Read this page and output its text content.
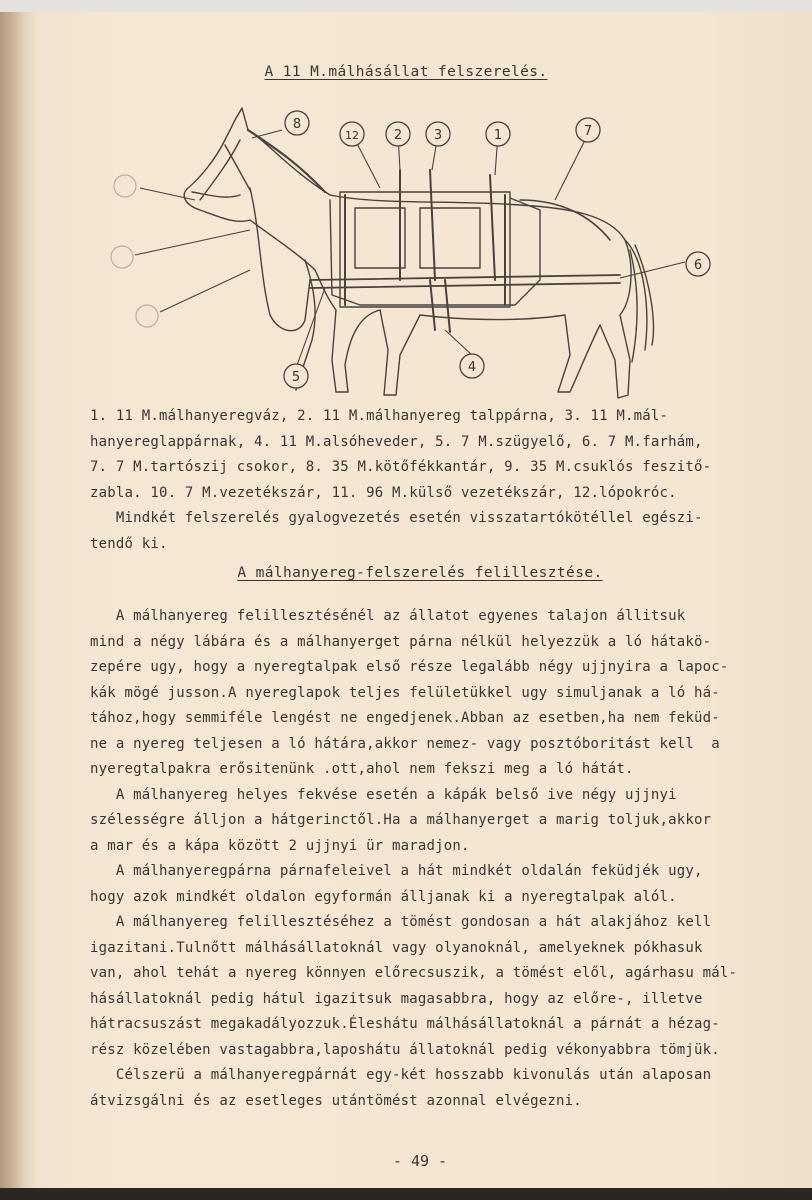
A 11 M.málhásállat felszerelés.
8
12	2 3	1	7
6
5
4
1. 11 M.málhanyeregváz, 2. 11 M.málhanyereg talppárna, 3. 11 M.mál-
hanyereglappárnak, 4. 11 M.alsóheveder, 5. 7 M.szügyelő, 6. 7 M.farhám,
7. 7 M.tartószij csokor, 8. 35 M.kötőfékkantár, 9. 35 M.csuklós feszitő-
zabla. 10. 7 M.vezetékszár, 11. 96 M.külső vezetékszár, 12.lópokróc.
Mindkét felszerelés gyalogvezetés esetén visszatartókötéllel egészi-
tendő ki.
A málhanyereg-felszerelés felillesztése.
A málhanyereg felillesztésénél az állatot egyenes talajon állitsuk
mind a négy lábára és a málhanyerget párna nélkül helyezzük a ló hátakö-
zepére ugy, hogy a nyeregtalpak első része legalább négy ujjnyira a lapoc-
kák mögé jusson.A nyereglapok teljes felületükkel ugy simuljanak a ló há-
tához,hogy semmiféle lengést ne engedjenek.Abban az esetben,ha nem feküd-
ne a nyereg teljesen a ló hátára,akkor nemez- vagy posztóboritást kell  a
nyeregtalpakra erősitenünk .ott,ahol nem fekszi meg a ló hátát.
A málhanyereg helyes fekvése esetén a kápák belső ive négy ujjnyi
szélességre álljon a hátgerinctől.Ha a málhanyerget a marig toljuk,akkor
a mar és a kápa között 2 ujjnyi ür maradjon.
A málhanyeregpárna párnafeleivel a hát mindkét oldalán feküdjék ugy,
hogy azok mindkét oldalon egyformán álljanak ki a nyeregtalpak alól.
A málhanyereg felillesztéséhez a tömést gondosan a hát alakjához kell
igazitani.Tulnőtt málhásállatoknál vagy olyanoknál, amelyeknek pókhasuk
van, ahol tehát a nyereg könnyen előrecsuszik, a tömést elől, agárhasu mál-
hásállatoknál pedig hátul igazitsuk magasabbra, hogy az előre-, illetve
hátracsuszást megakadályozzuk.Éleshátu málhásállatoknál a párnát a hézag-
rész közelében vastagabbra,laposhátu állatoknál pedig vékonyabbra tömjük.
Célszerü a málhanyeregpárnát egy-két hosszabb kivonulás után alaposan
átvizsgálni és az esetleges utántömést azonnal elvégezni.
- 49 -
